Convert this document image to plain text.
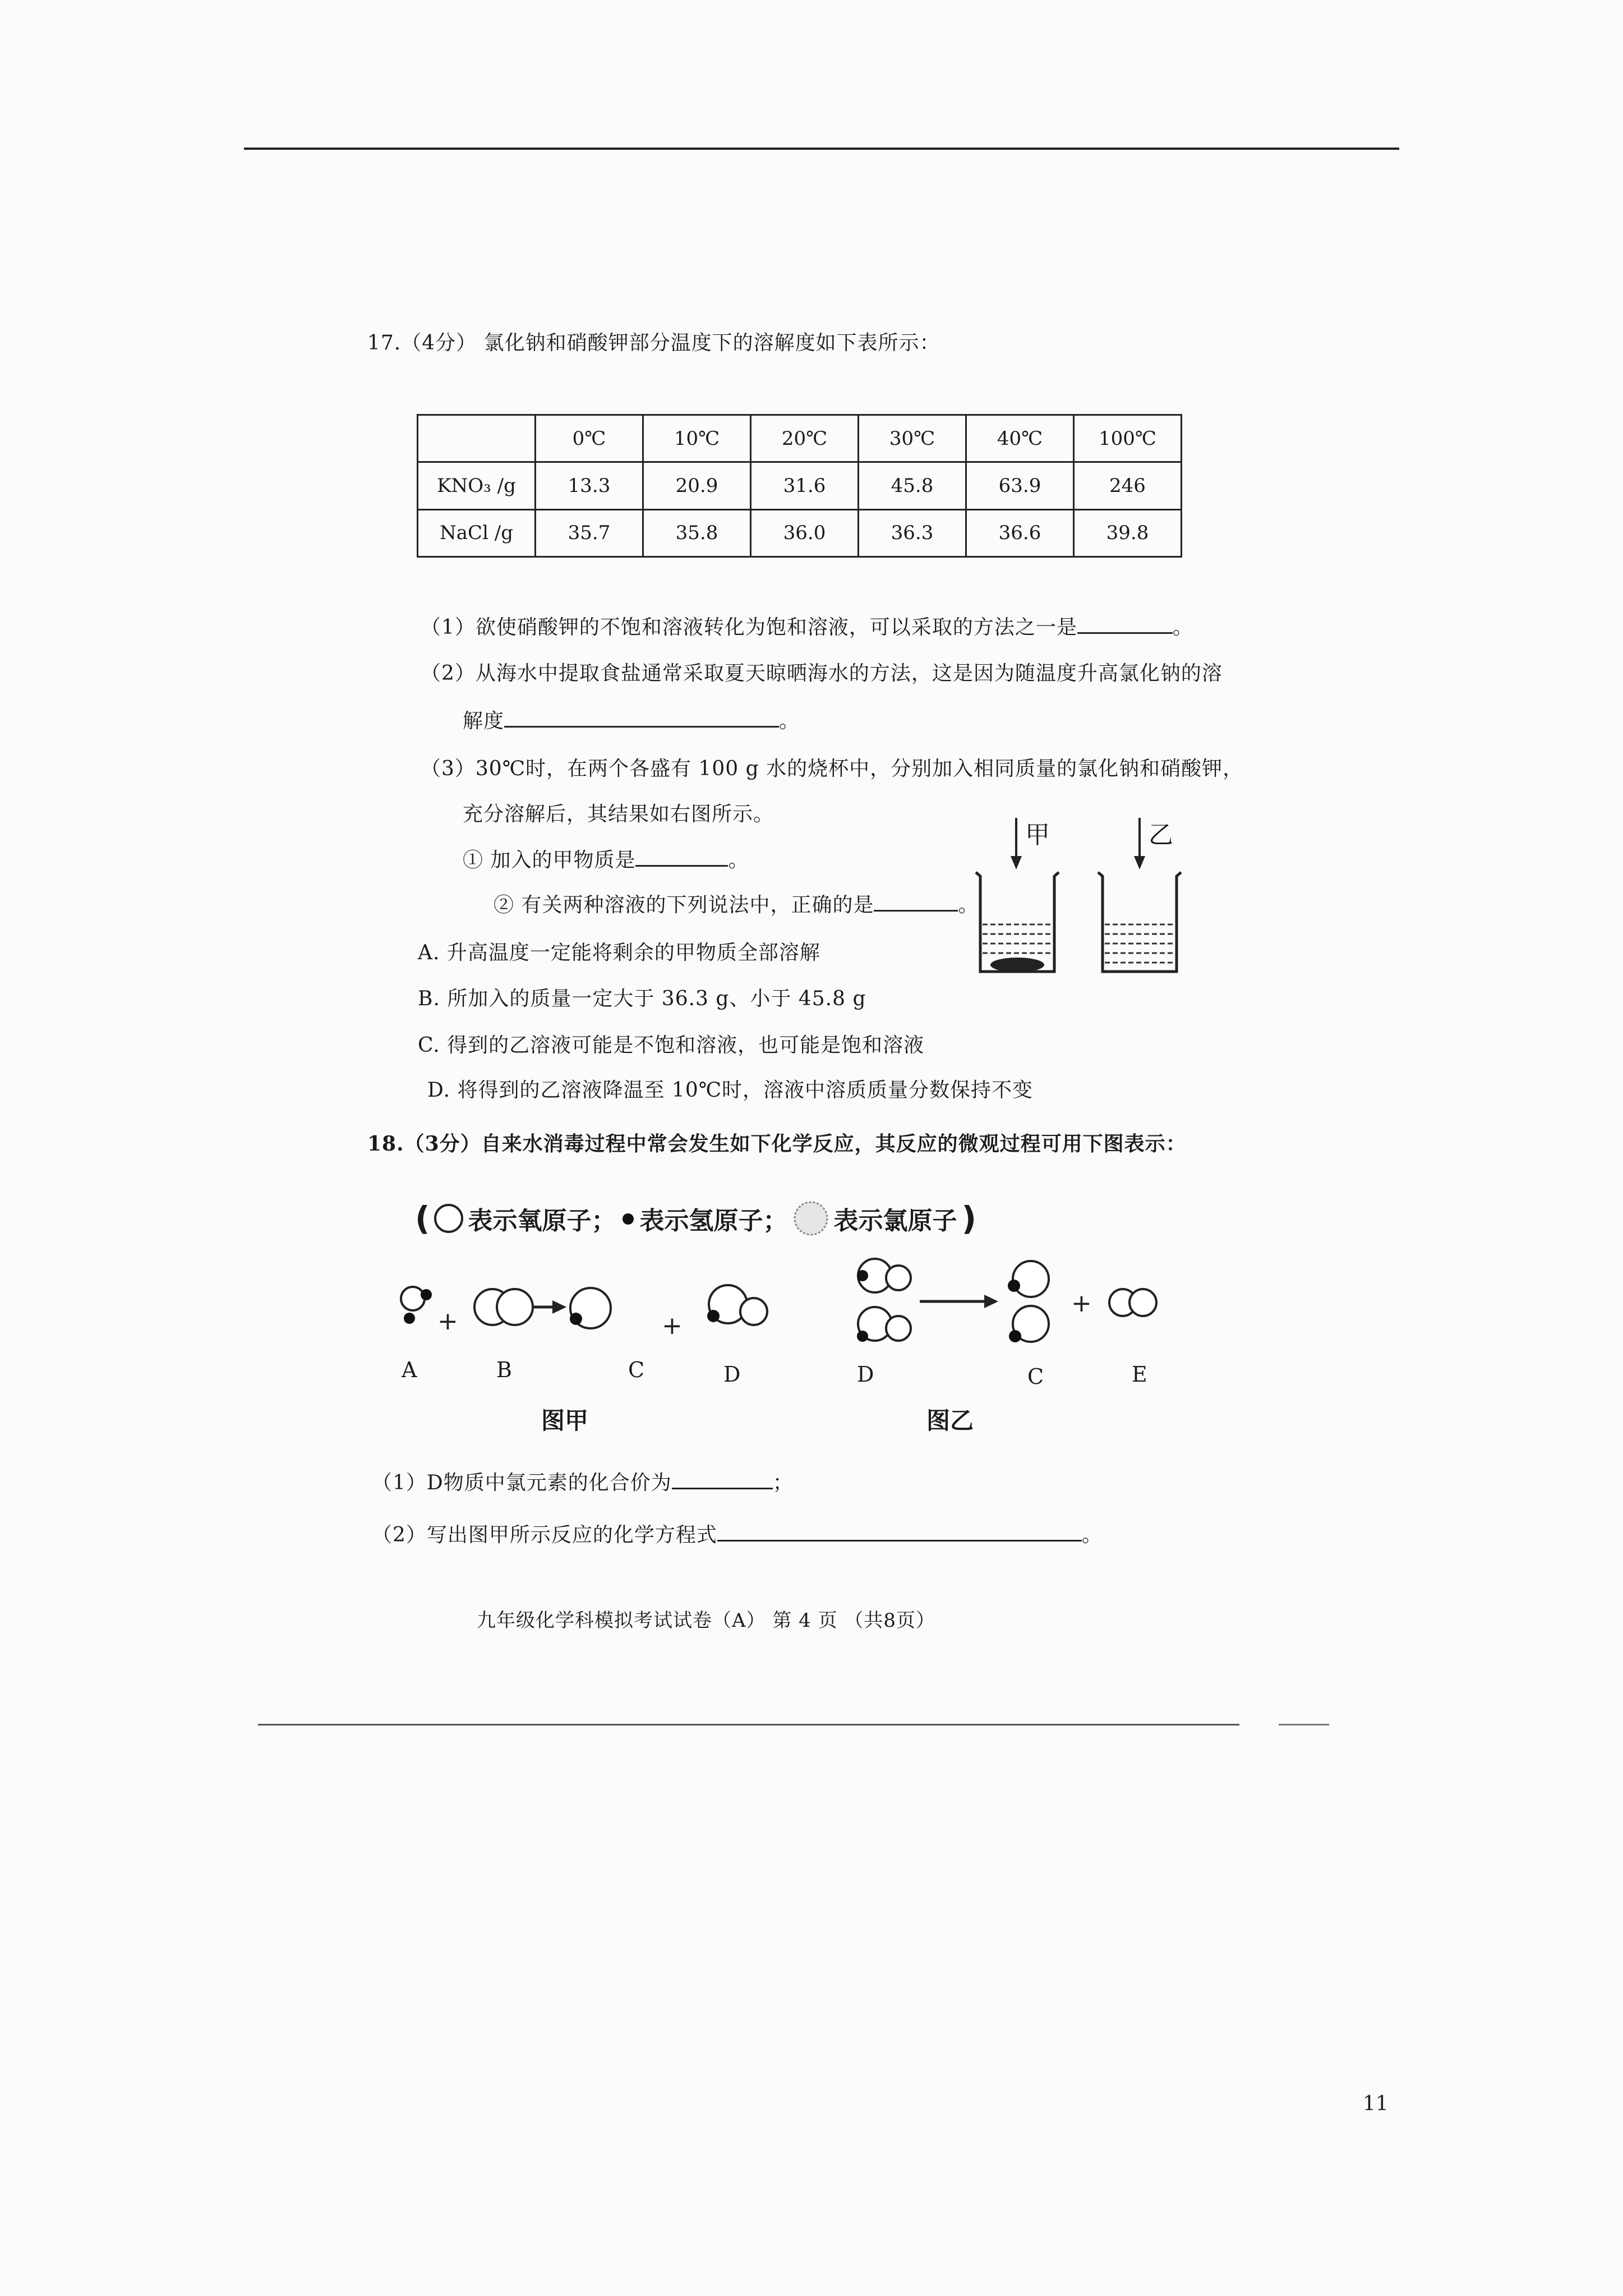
17.（4分） 氯化钠和硝酸钾部分温度下的溶解度如下表所示：
	0℃	10℃	20℃	30℃	40℃	100℃
KNO₃ /g	13.3	20.9	31.6	45.8	63.9	246
NaCl /g	35.7	35.8	36.0	36.3	36.6	39.8
（1）欲使硝酸钾的不饱和溶液转化为饱和溶液，可以采取的方法之一是	。
（2）从海水中提取食盐通常采取夏天晾晒海水的方法，这是因为随温度升高氯化钠的溶
解度	。
（3）30℃时，在两个各盛有 100 g 水的烧杯中，分别加入相同质量的氯化钠和硝酸钾，
充分溶解后，其结果如右图所示。
① 加入的甲物质是	。
② 有关两种溶液的下列说法中，正确的是	。
A. 升高温度一定能将剩余的甲物质全部溶解
B. 所加入的质量一定大于 36.3 g、小于 45.8 g
C. 得到的乙溶液可能是不饱和溶液，也可能是饱和溶液
D. 将得到的乙溶液降温至 10℃时，溶液中溶质质量分数保持不变
甲	乙
18.（3分）自来水消毒过程中常会发生如下化学反应，其反应的微观过程可用下图表示：
( 表示氧原子； 表示氢原子； 表示氯原子 )
+	+
+
A	B	C	D	D	C	E
图甲	图乙
（1）D物质中氯元素的化合价为	；
（2）写出图甲所示反应的化学方程式	。
九年级化学科模拟考试试卷（A） 第 4 页 （共8页）
11
